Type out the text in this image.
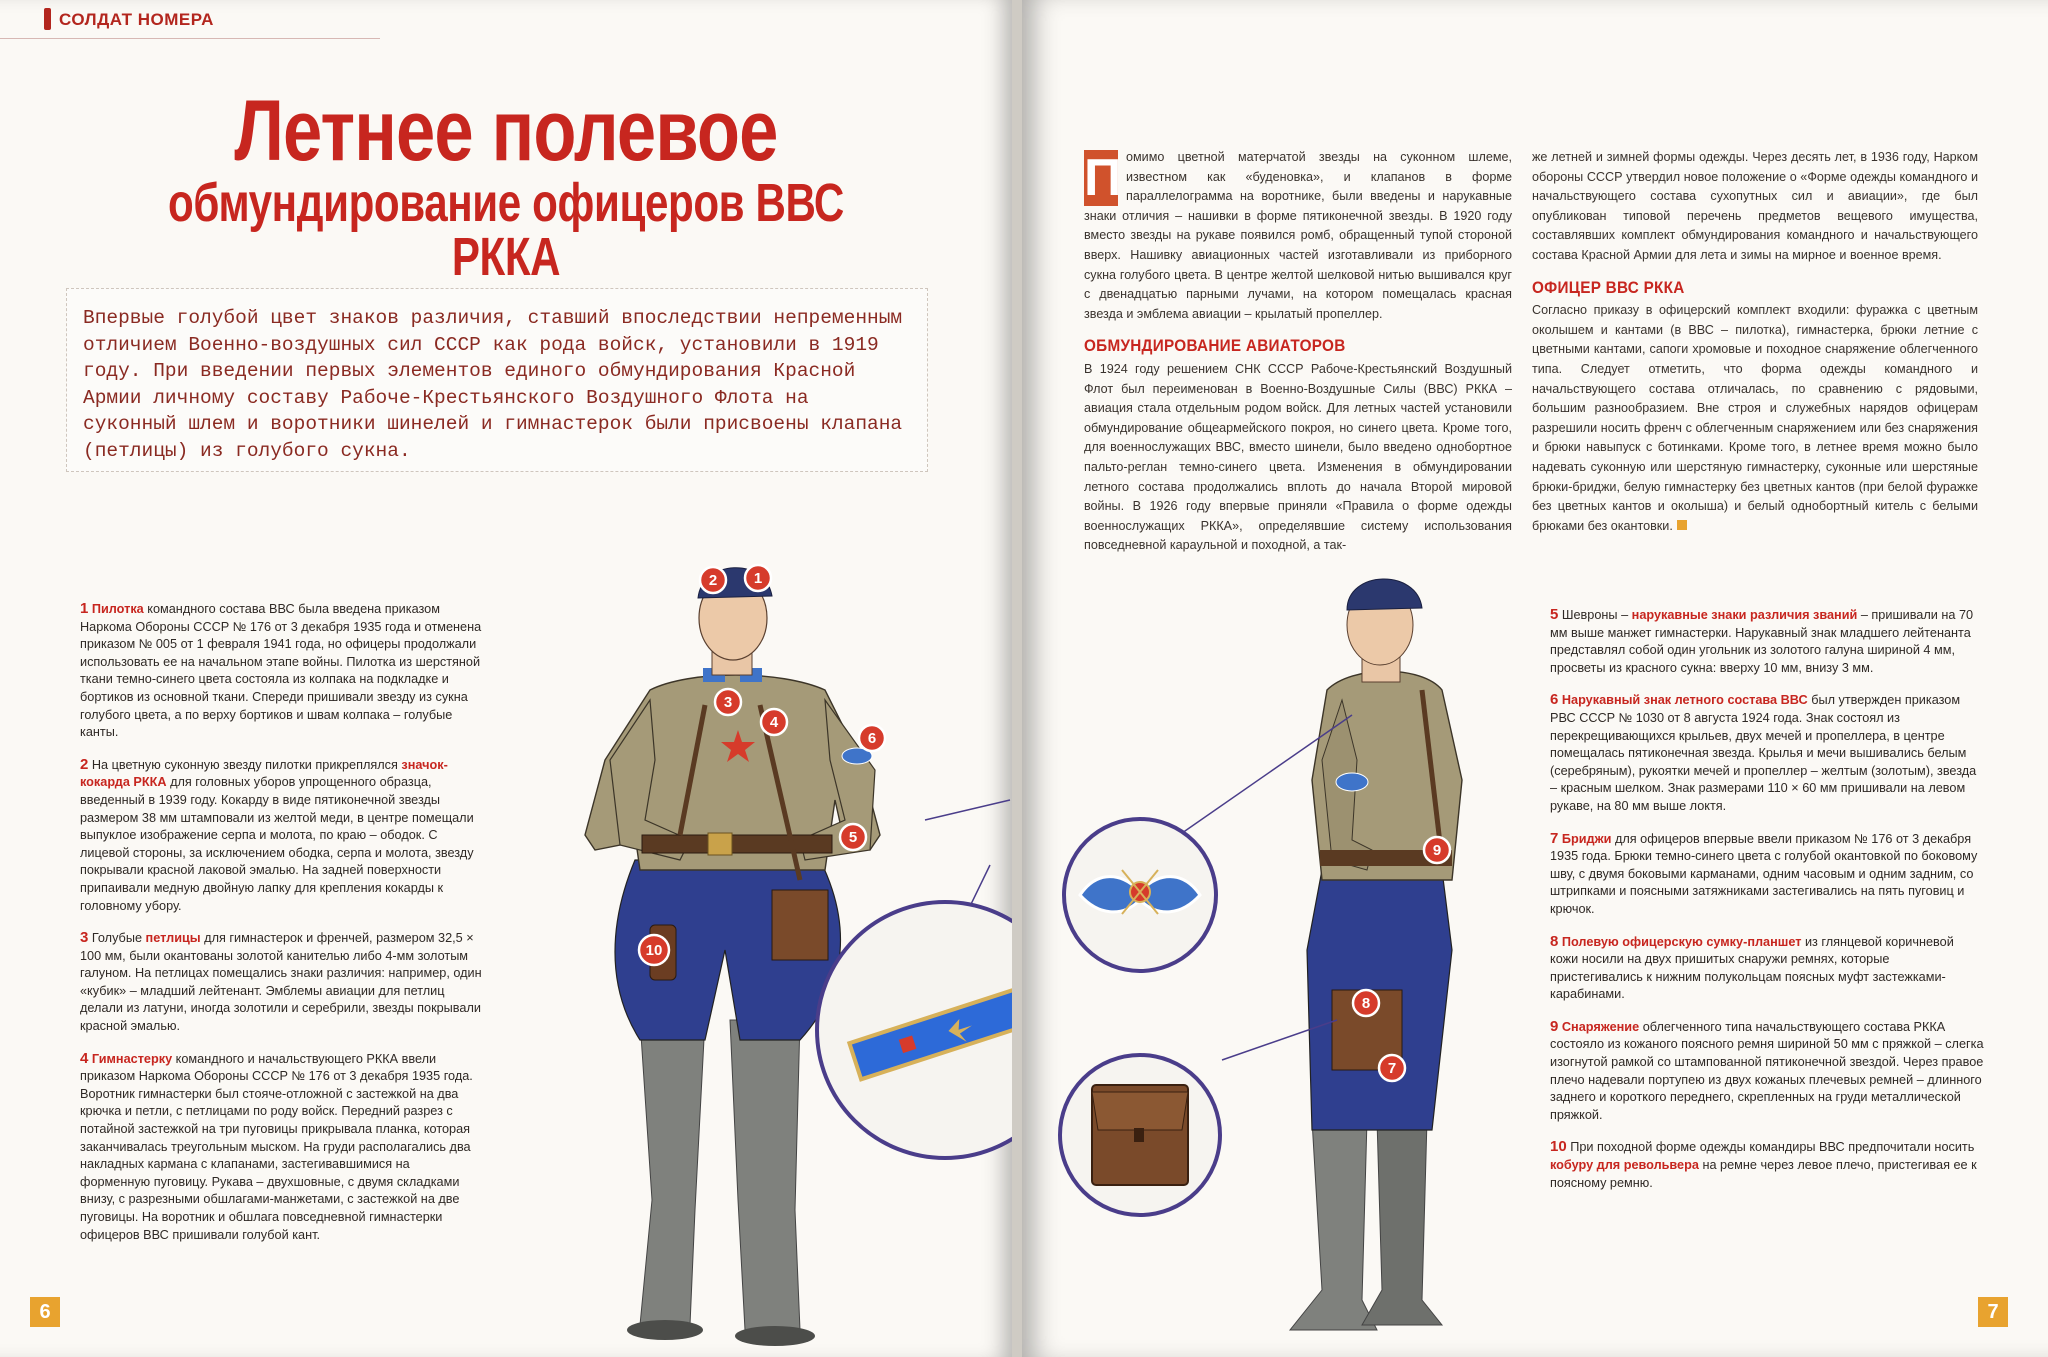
СОЛДАТ НОМЕРА
Летнее полевое
обмундирование офицеров ВВС РККА

Впервые голубой цвет знаков различия, ставший впоследствии непременным отличием Военно-воздушных сил СССР как рода войск, установили в 1919 году. При введении первых элементов единого обмундирования Красной Армии личному составу Рабоче-Крестьянского Воздушного Флота на суконный шлем и воротники шинелей и гимнастерок были присвоены клапана (петлицы) из голубого сукна.

1 Пилотка командного состава ВВС была введена приказом Наркома Обороны СССР № 176 от 3 декабря 1935 года и отменена приказом № 005 от 1 февраля 1941 года, но офицеры продолжали использовать ее на начальном этапе войны. Пилотка из шерстяной ткани темно-синего цвета состояла из колпака на подкладке и бортиков из основной ткани. Спереди пришивали звезду из сукна голубого цвета, а по верху бортиков и швам колпака – голубые канты.

2 На цветную суконную звезду пилотки прикреплялся значок-кокарда РККА для головных уборов упрощенного образца, введенный в 1939 году. Кокарду в виде пятиконечной звезды размером 38 мм штамповали из желтой меди, в центре помещали выпуклое изображение серпа и молота, по краю – ободок. С лицевой стороны, за исключением ободка, серпа и молота, звезду покрывали красной лаковой эмалью. На задней поверхности припаивали медную двойную лапку для крепления кокарды к головному убору.

3 Голубые петлицы для гимнастерок и френчей, размером 32,5 × 100 мм, были окантованы золотой канителью либо 4-мм золотым галуном. На петлицах помещались знаки различия: например, один «кубик» – младший лейтенант. Эмблемы авиации для петлиц делали из латуни, иногда золотили и серебрили, звезды покрывали красной эмалью.

4 Гимнастерку командного и начальствующего РККА ввели приказом Наркома Обороны СССР № 176 от 3 декабря 1935 года. Воротник гимнастерки был стояче-отложной с застежкой на два крючка и петли, с петлицами по роду войск. Передний разрез с потайной застежкой на три пуговицы прикрывала планка, которая заканчивалась треугольным мыском. На груди располагались два накладных кармана с клапанами, застегивавшимися на форменную пуговицу. Рукава – двухшовные, с двумя складками внизу, с разрезными обшлагами-манжетами, с застежкой на две пуговицы. На воротник и обшлага повседневной гимнастерки офицеров ВВС пришивали голубой кант.

2 1
3
4
6
5
10
6

П омимо цветной матерчатой звезды на суконном шлеме, известном как «буденовка», и клапанов в форме параллелограмма на воротнике, были введены и нарукавные знаки отличия – нашивки в форме пятиконечной звезды. В 1920 году вместо звезды на рукаве появился ромб, обращенный тупой стороной вверх. Нашивку авиационных частей изготавливали из приборного сукна голубого цвета. В центре желтой шелковой нитью вышивался круг с двенадцатью парными лучами, на котором помещалась красная звезда и эмблема авиации – крылатый пропеллер.

ОБМУНДИРОВАНИЕ АВИАТОРОВ

В 1924 году решением СНК СССР Рабоче-Крестьянский Воздушный Флот был переименован в Военно-Воздушные Силы (ВВС) РККА – авиация стала отдельным родом войск. Для летных частей установили обмундирование общеармейского покроя, но синего цвета. Кроме того, для военнослужащих ВВС, вместо шинели, было введено однобортное пальто-реглан темно-синего цвета. Изменения в обмундировании летного состава продолжались вплоть до начала Второй мировой войны. В 1926 году впервые приняли «Правила о форме одежды военнослужащих РККА», определявшие систему использования повседневной караульной и походной, а так-

же летней и зимней формы одежды. Через десять лет, в 1936 году, Нарком обороны СССР утвердил новое положение о «Форме одежды командного и начальствующего состава сухопутных сил и авиации», где был опубликован типовой перечень предметов вещевого имущества, составлявших комплект обмундирования командного и начальствующего состава Красной Армии для лета и зимы на мирное и военное время.

ОФИЦЕР ВВС РККА

Согласно приказу в офицерский комплект входили: фуражка с цветным околышем и кантами (в ВВС – пилотка), гимнастерка, брюки летние с цветными кантами, сапоги хромовые и походное снаряжение облегченного типа. Следует отметить, что форма одежды командного и начальствующего состава отличалась, по сравнению с рядовыми, большим разнообразием. Вне строя и служебных нарядов офицерам разрешили носить френч с облегченным снаряжением или без снаряжения и брюки навыпуск с ботинками. Кроме того, в летнее время можно было надевать суконную или шерстяную гимнастерку, суконные или шерстяные брюки-бриджи, белую гимнастерку без цветных кантов (при белой фуражке без цветных кантов и околыша) и белый однобортный китель с белыми брюками без окантовки.

9
8
7

5 Шевроны – нарукавные знаки различия званий – пришивали на 70 мм выше манжет гимнастерки. Нарукавный знак младшего лейтенанта представлял собой один угольник из золотого галуна шириной 4 мм, просветы из красного сукна: вверху 10 мм, внизу 3 мм.

6 Нарукавный знак летного состава ВВС был утвержден приказом РВС СССР № 1030 от 8 августа 1924 года. Знак состоял из перекрещивающихся крыльев, двух мечей и пропеллера, в центре помещалась пятиконечная звезда. Крылья и мечи вышивались белым (серебряным), рукоятки мечей и пропеллер – желтым (золотым), звезда – красным шелком. Знак размерами 110 × 60 мм пришивали на левом рукаве, на 80 мм выше локтя.

7 Бриджи для офицеров впервые ввели приказом № 176 от 3 декабря 1935 года. Брюки темно-синего цвета с голубой окантовкой по боковому шву, с двумя боковыми карманами, одним часовым и одним задним, со штрипками и поясными затяжниками застегивались на пять пуговиц и крючок.

8 Полевую офицерскую сумку-планшет из глянцевой коричневой кожи носили на двух пришитых снаружи ремнях, которые пристегивались к нижним полукольцам поясных муфт застежками-карабинами.

9 Снаряжение облегченного типа начальствующего состава РККА состояло из кожаного поясного ремня шириной 50 мм с пряжкой – слегка изогнутой рамкой со штампованной пятиконечной звездой. Через правое плечо надевали портупею из двух кожаных плечевых ремней – длинного заднего и короткого переднего, скрепленных на груди металлической пряжкой.

10 При походной форме одежды командиры ВВС предпочитали носить кобуру для револьвера на ремне через левое плечо, пристегивая ее к поясному ремню.

7
